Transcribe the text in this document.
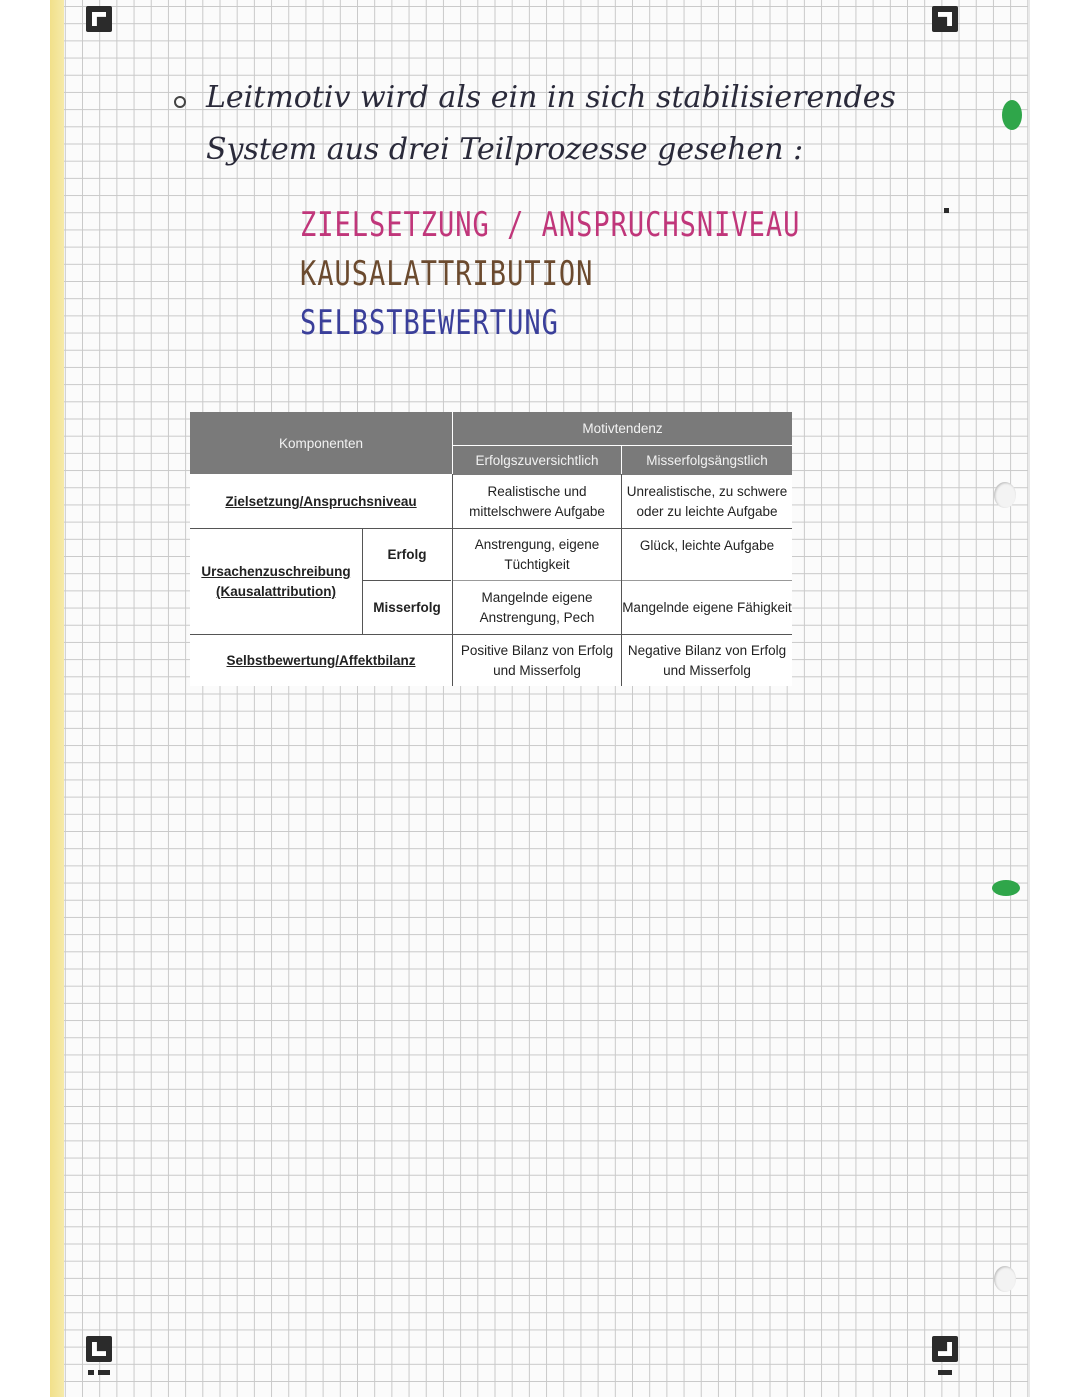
Leitmotiv wird als ein in sich stabilisierendes
System aus drei Teilprozesse gesehen :
ZIELSETZUNG / ANSPRUCHSNIVEAU
KAUSALATTRIBUTION
SELBSTBEWERTUNG
Komponenten
Motivtendenz
Erfolgszuversichtlich	Misserfolgsängstlich
Zielsetzung/Anspruchsniveau
Realistische und mittelschwere Aufgabe
Unrealistische, zu schwere oder zu leichte Aufgabe
Ursachenzuschreibung (Kausalattribution)
Erfolg
Misserfolg
Anstrengung, eigene Tüchtigkeit
Glück, leichte Aufgabe
Mangelnde eigene Anstrengung, Pech
Mangelnde eigene Fähigkeit
Selbstbewertung/Affektbilanz
Positive Bilanz von Erfolg und Misserfolg
Negative Bilanz von Erfolg und Misserfolg
